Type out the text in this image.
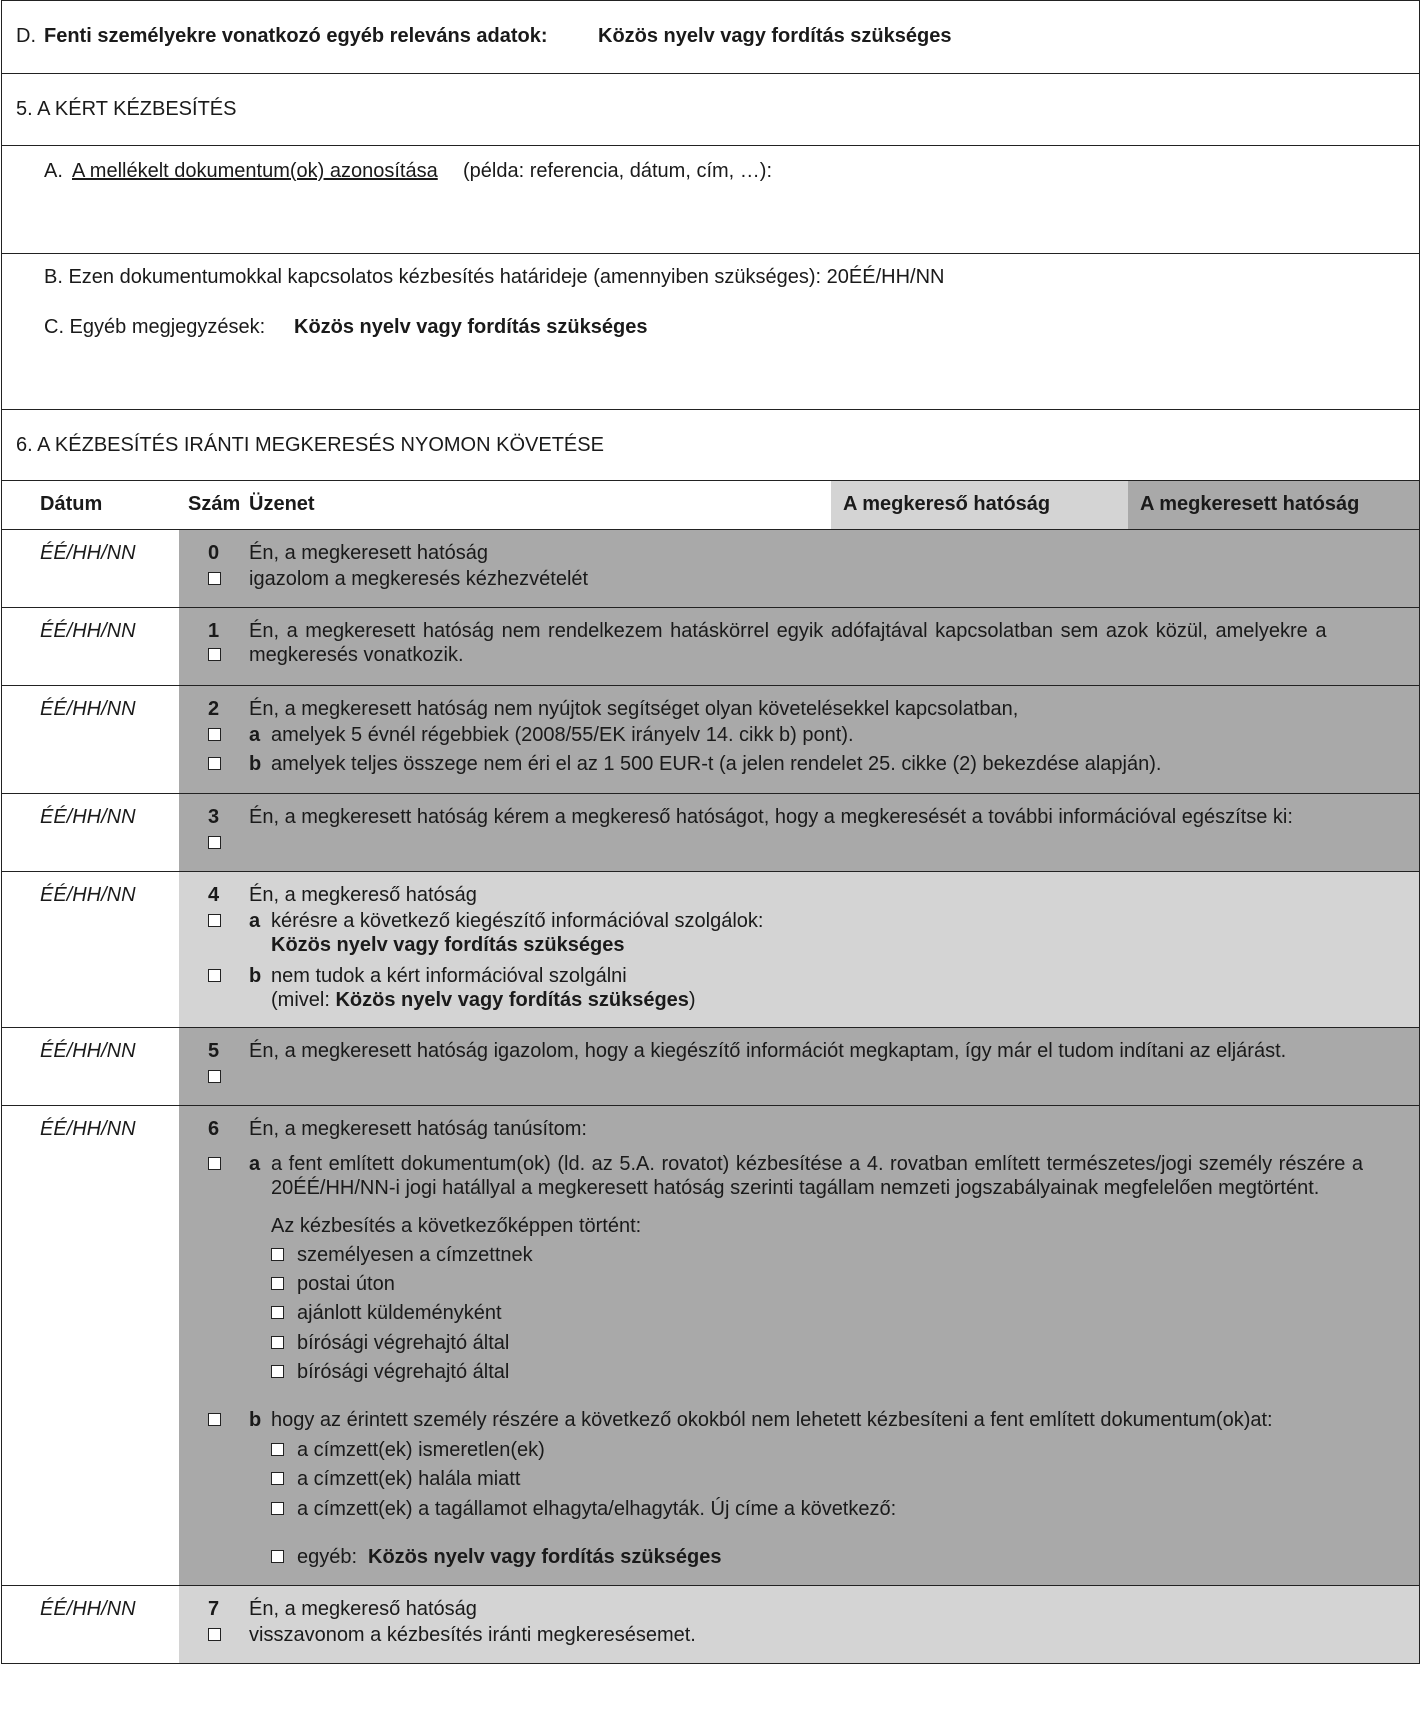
D. Fenti személyekre vonatkozó egyéb releváns adatok:	Közös nyelv vagy fordítás szükséges
5. A KÉRT KÉZBESÍTÉS
A. A mellékelt dokumentum(ok) azonosítása (példa: referencia, dátum, cím, …):
B. Ezen dokumentumokkal kapcsolatos kézbesítés határideje (amennyiben szükséges): 20ÉÉ/HH/NN
C. Egyéb megjegyzések: Közös nyelv vagy fordítás szükséges
6. A KÉZBESÍTÉS IRÁNTI MEGKERESÉS NYOMON KÖVETÉSE
Dátum	Szám Üzenet	A megkereső hatóság	A megkeresett hatóság
ÉÉ/HH/NN	0 Én, a megkeresett hatóság
igazolom a megkeresés kézhezvételét
ÉÉ/HH/NN	1 Én, a megkeresett hatóság nem rendelkezem hatáskörrel egyik adófajtával kapcsolatban sem azok közül, amelyekre a
megkeresés vonatkozik.
ÉÉ/HH/NN	2 Én, a megkeresett hatóság nem nyújtok segítséget olyan követelésekkel kapcsolatban,
a amelyek 5 évnél régebbiek (2008/55/EK irányelv 14. cikk b) pont).
b amelyek teljes összege nem éri el az 1 500 EUR-t (a jelen rendelet 25. cikke (2) bekezdése alapján).
ÉÉ/HH/NN	3 Én, a megkeresett hatóság kérem a megkereső hatóságot, hogy a megkeresését a további információval egészítse ki:
ÉÉ/HH/NN	4 Én, a megkereső hatóság
a kérésre a következő kiegészítő információval szolgálok:
Közös nyelv vagy fordítás szükséges
b nem tudok a kért információval szolgálni
(mivel: Közös nyelv vagy fordítás szükséges)
ÉÉ/HH/NN	5 Én, a megkeresett hatóság igazolom, hogy a kiegészítő információt megkaptam, így már el tudom indítani az eljárást.
ÉÉ/HH/NN	6 Én, a megkeresett hatóság tanúsítom:
a a fent említett dokumentum(ok) (ld. az 5.A. rovatot) kézbesítése a 4. rovatban említett természetes/jogi személy részére a
20ÉÉ/HH/NN-i jogi hatállyal a megkeresett hatóság szerinti tagállam nemzeti jogszabályainak megfelelően megtörtént.
Az kézbesítés a következőképpen történt:
személyesen a címzettnek
postai úton
ajánlott küldeményként
bírósági végrehajtó által
bírósági végrehajtó által
b hogy az érintett személy részére a következő okokból nem lehetett kézbesíteni a fent említett dokumentum(ok)at:
a címzett(ek) ismeretlen(ek)
a címzett(ek) halála miatt
a címzett(ek) a tagállamot elhagyta/elhagyták. Új címe a következő:
egyéb: Közös nyelv vagy fordítás szükséges
ÉÉ/HH/NN	7 Én, a megkereső hatóság
visszavonom a kézbesítés iránti megkeresésemet.
